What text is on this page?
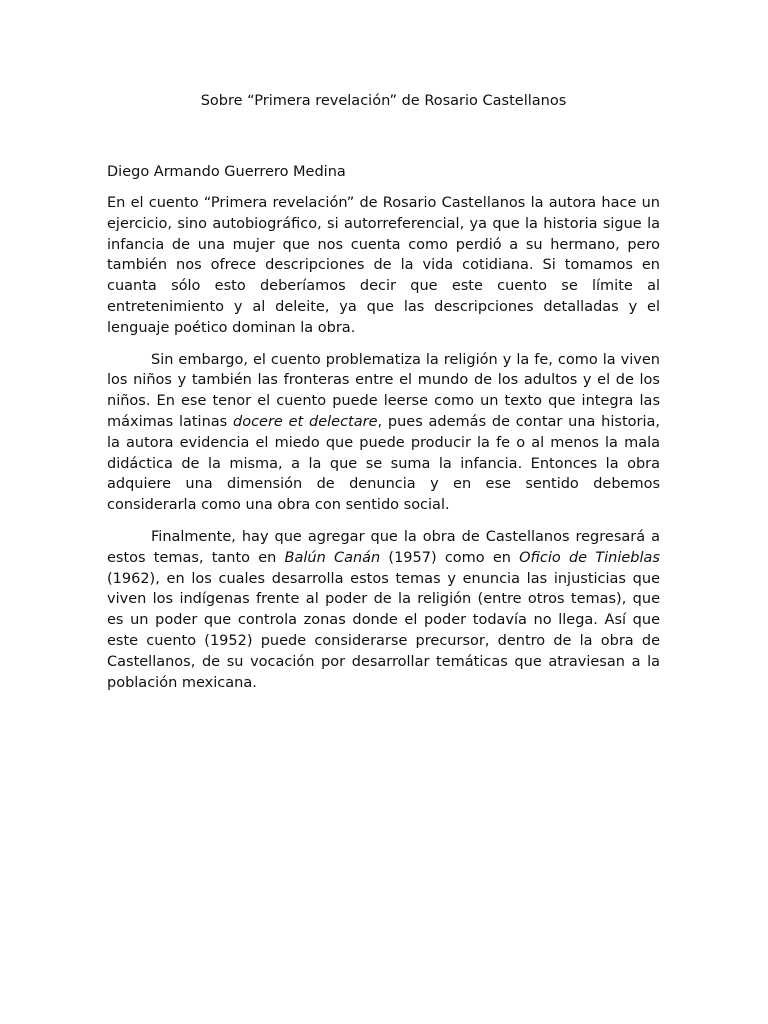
Sobre “Primera revelación” de Rosario Castellanos

Diego Armando Guerrero Medina

En el cuento “Primera revelación” de Rosario Castellanos la autora hace un ejercicio, sino autobiográfico, si autorreferencial, ya que la historia sigue la infancia de una mujer que nos cuenta como perdió a su hermano, pero también nos ofrece descripciones de la vida cotidiana. Si tomamos en cuanta sólo esto deberíamos decir que este cuento se límite al entretenimiento y al deleite, ya que las descripciones detalladas y el lenguaje poético dominan la obra.

Sin embargo, el cuento problematiza la religión y la fe, como la viven los niños y también las fronteras entre el mundo de los adultos y el de los niños. En ese tenor el cuento puede leerse como un texto que integra las máximas latinas docere et delectare, pues además de contar una historia, la autora evidencia el miedo que puede producir la fe o al menos la mala didáctica de la misma, a la que se suma la infancia. Entonces la obra adquiere una dimensión de denuncia y en ese sentido debemos considerarla como una obra con sentido social.

Finalmente, hay que agregar que la obra de Castellanos regresará a estos temas, tanto en Balún Canán (1957) como en Oficio de Tinieblas (1962), en los cuales desarrolla estos temas y enuncia las injusticias que viven los indígenas frente al poder de la religión (entre otros temas), que es un poder que controla zonas donde el poder todavía no llega. Así que este cuento (1952) puede considerarse precursor, dentro de la obra de Castellanos, de su vocación por desarrollar temáticas que atraviesan a la población mexicana.
